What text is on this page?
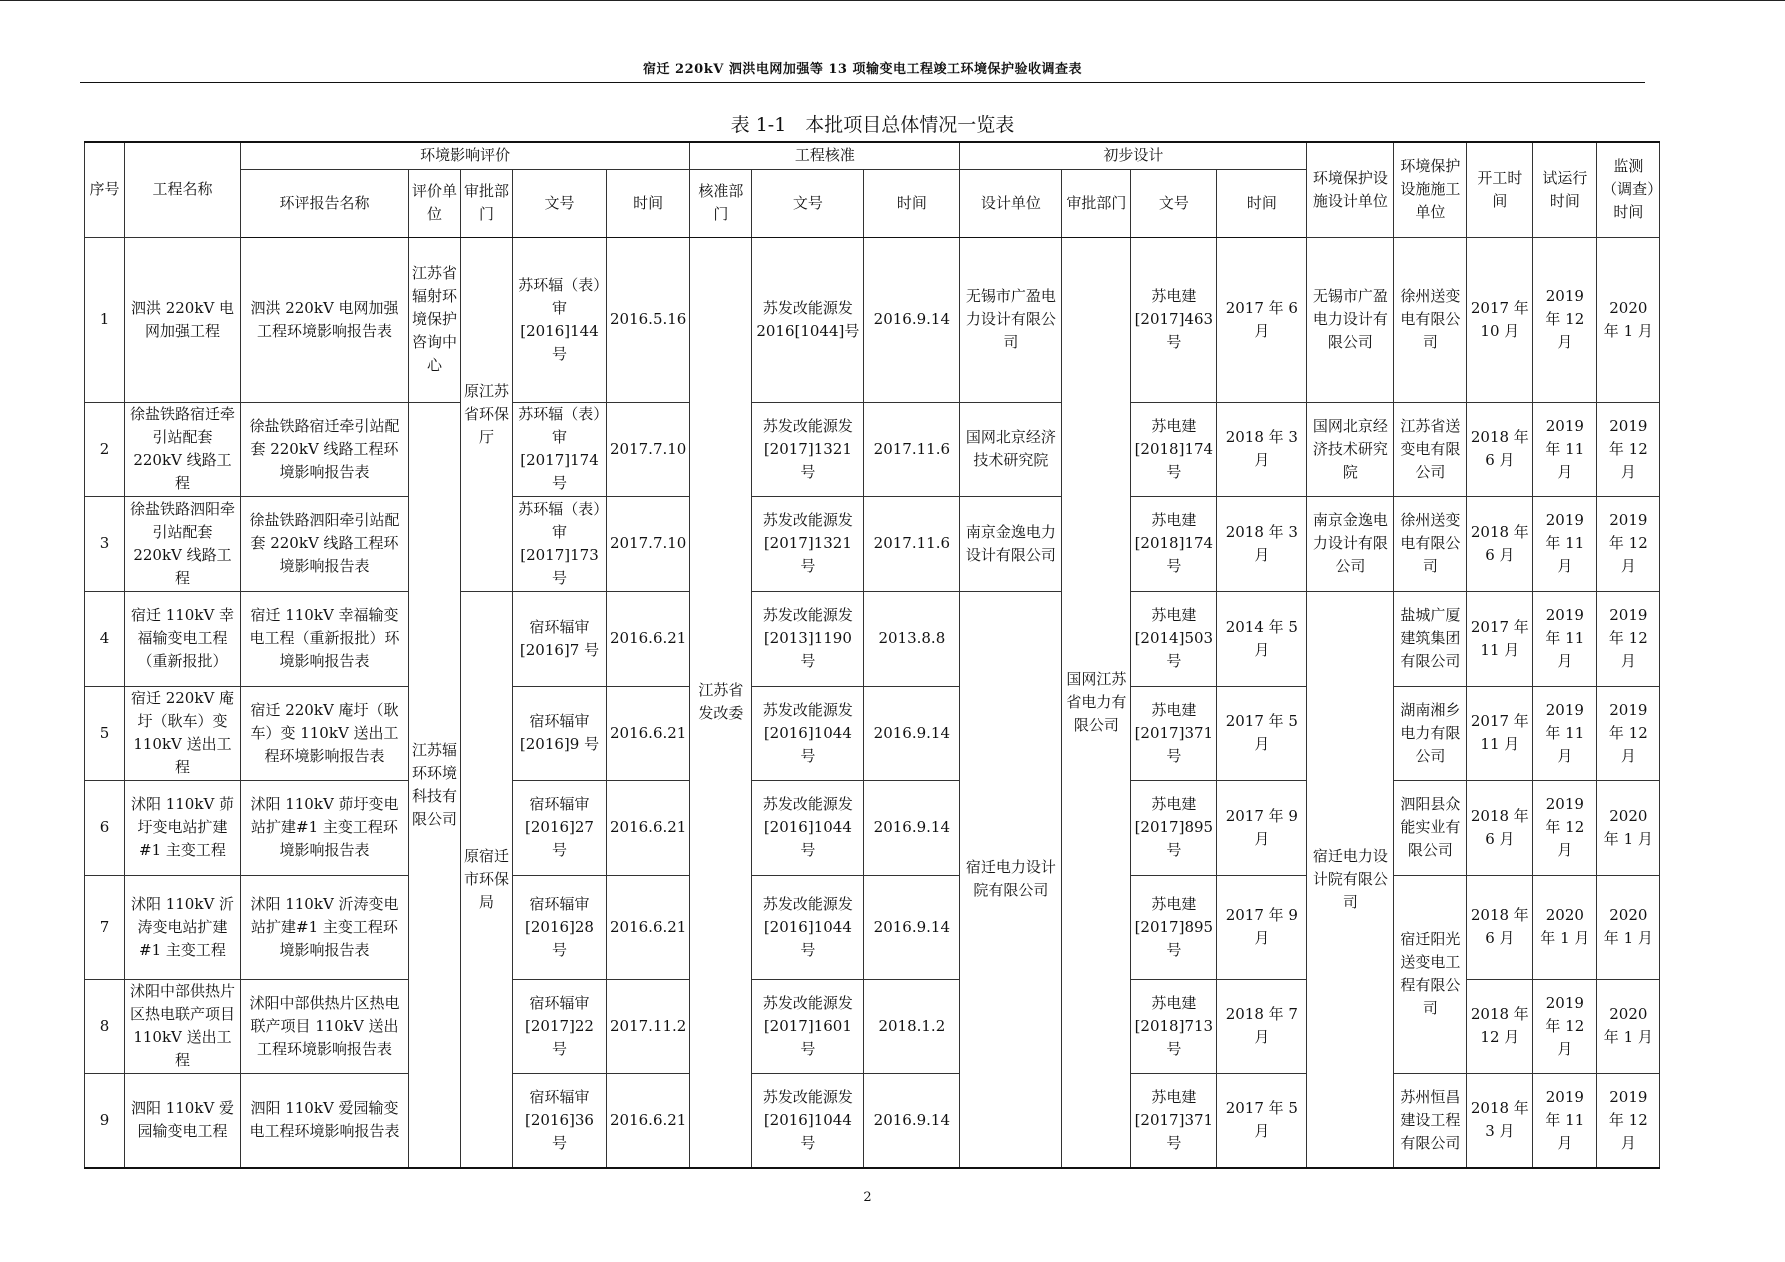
宿迁 220kV 泗洪电网加强等 13 项输变电工程竣工环境保护验收调查表
表 1-1　本批项目总体情况一览表
序号	工程名称	环境影响评价					工程核准			初步设计				环境保护设施设计单位	环境保护设施施工单位	开工时间	试运行时间	监测（调查）时间
		环评报告名称	评价单位	审批部门	文号	时间	核准部门	文号	时间	设计单位	审批部门	文号	时间					
1	泗洪 220kV 电网加强工程	泗洪 220kV 电网加强工程环境影响报告表	江苏省辐射环境保护咨询中心	原江苏省环保厅	苏环辐（表）审[2016]144号	2016.5.16	江苏省发改委	苏发改能源发2016[1044]号	2016.9.14	无锡市广盈电力设计有限公司	国网江苏省电力有限公司	苏电建[2017]463号	2017 年 6 月	无锡市广盈电力设计有限公司	徐州送变电有限公司	2017 年 10 月	2019 年 12 月	2020 年 1 月
2	徐盐铁路宿迁牵引站配套 220kV 线路工程	徐盐铁路宿迁牵引站配套 220kV 线路工程环境影响报告表	江苏辐环环境科技有限公司		苏环辐（表）审[2017]174号	2017.7.10		苏发改能源发[2017]1321 号	2017.11.6	国网北京经济技术研究院		苏电建[2018]174号	2018 年 3 月	国网北京经济技术研究院	江苏省送变电有限公司	2018 年 6 月	2019 年 11 月	2019 年 12 月
3	徐盐铁路泗阳牵引站配套 220kV 线路工程	徐盐铁路泗阳牵引站配套 220kV 线路工程环境影响报告表			苏环辐（表）审[2017]173号	2017.7.10		苏发改能源发[2017]1321 号	2017.11.6	南京金逸电力设计有限公司		苏电建[2018]174号	2018 年 3 月	南京金逸电力设计有限公司	徐州送变电有限公司	2018 年 6 月	2019 年 11 月	2019 年 12 月
4	宿迁 110kV 幸福输变电工程（重新报批）	宿迁 110kV 幸福输变电工程（重新报批）环境影响报告表		原宿迁市环保局	宿环辐审[2016]7 号	2016.6.21		苏发改能源发[2013]1190 号	2013.8.8	宿迁电力设计院有限公司		苏电建[2014]503号	2014 年 5 月	宿迁电力设计院有限公司	盐城广厦建筑集团有限公司	2017 年 11 月	2019 年 11 月	2019 年 12 月
5	宿迁 220kV 庵圩（耿车）变 110kV 送出工程	宿迁 220kV 庵圩（耿车）变 110kV 送出工程环境影响报告表			宿环辐审[2016]9 号	2016.6.21		苏发改能源发[2016]1044 号	2016.9.14			苏电建[2017]371号	2017 年 5 月		湖南湘乡电力有限公司	2017 年 11 月	2019 年 11 月	2019 年 12 月
6	沭阳 110kV 茆圩变电站扩建#1 主变工程	沭阳 110kV 茆圩变电站扩建#1 主变工程环境影响报告表			宿环辐审[2016]27 号	2016.6.21		苏发改能源发[2016]1044 号	2016.9.14			苏电建[2017]895号	2017 年 9 月		泗阳县众能实业有限公司	2018 年 6 月	2019 年 12 月	2020 年 1 月
7	沭阳 110kV 沂涛变电站扩建#1 主变工程	沭阳 110kV 沂涛变电站扩建#1 主变工程环境影响报告表			宿环辐审[2016]28 号	2016.6.21		苏发改能源发[2016]1044 号	2016.9.14			苏电建[2017]895号	2017 年 9 月		宿迁阳光送变电工程有限公司	2018 年 6 月	2020 年 1 月	2020 年 1 月
8	沭阳中部供热片区热电联产项目 110kV 送出工程	沭阳中部供热片区热电联产项目 110kV 送出工程环境影响报告表			宿环辐审[2017]22 号	2017.11.2		苏发改能源发[2017]1601 号	2018.1.2			苏电建[2018]713号	2018 年 7 月			2018 年 12 月	2019 年 12 月	2020 年 1 月
9	泗阳 110kV 爱园输变电工程	泗阳 110kV 爱园输变电工程环境影响报告表			宿环辐审[2016]36 号	2016.6.21		苏发改能源发[2016]1044 号	2016.9.14			苏电建[2017]371号	2017 年 5 月		苏州恒昌建设工程有限公司	2018 年 3 月	2019 年 11 月	2019 年 12 月
2
